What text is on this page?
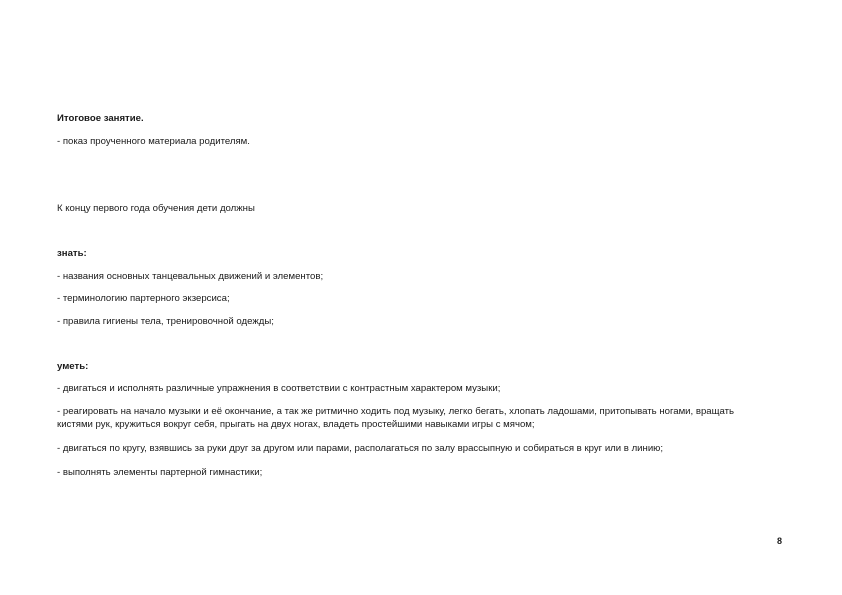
Итоговое занятие.

- показ проученного материала родителям.

К концу первого года обучения дети должны

знать:

- названия основных танцевальных движений и элементов;

- терминологию партерного экзерсиса;

- правила гигиены тела, тренировочной одежды;

уметь:

- двигаться и исполнять различные упражнения в соответствии с контрастным характером музыки;

- реагировать на начало музыки и её окончание, а так же ритмично ходить под музыку, легко бегать, хлопать ладошами, притопывать ногами, вращать кистями рук, кружиться вокруг себя, прыгать на двух ногах, владеть простейшими навыками игры с мячом;

- двигаться по кругу, взявшись за руки друг за другом или парами, располагаться по залу врассыпную и собираться в круг или в линию;

- выполнять элементы партерной гимнастики;

8
